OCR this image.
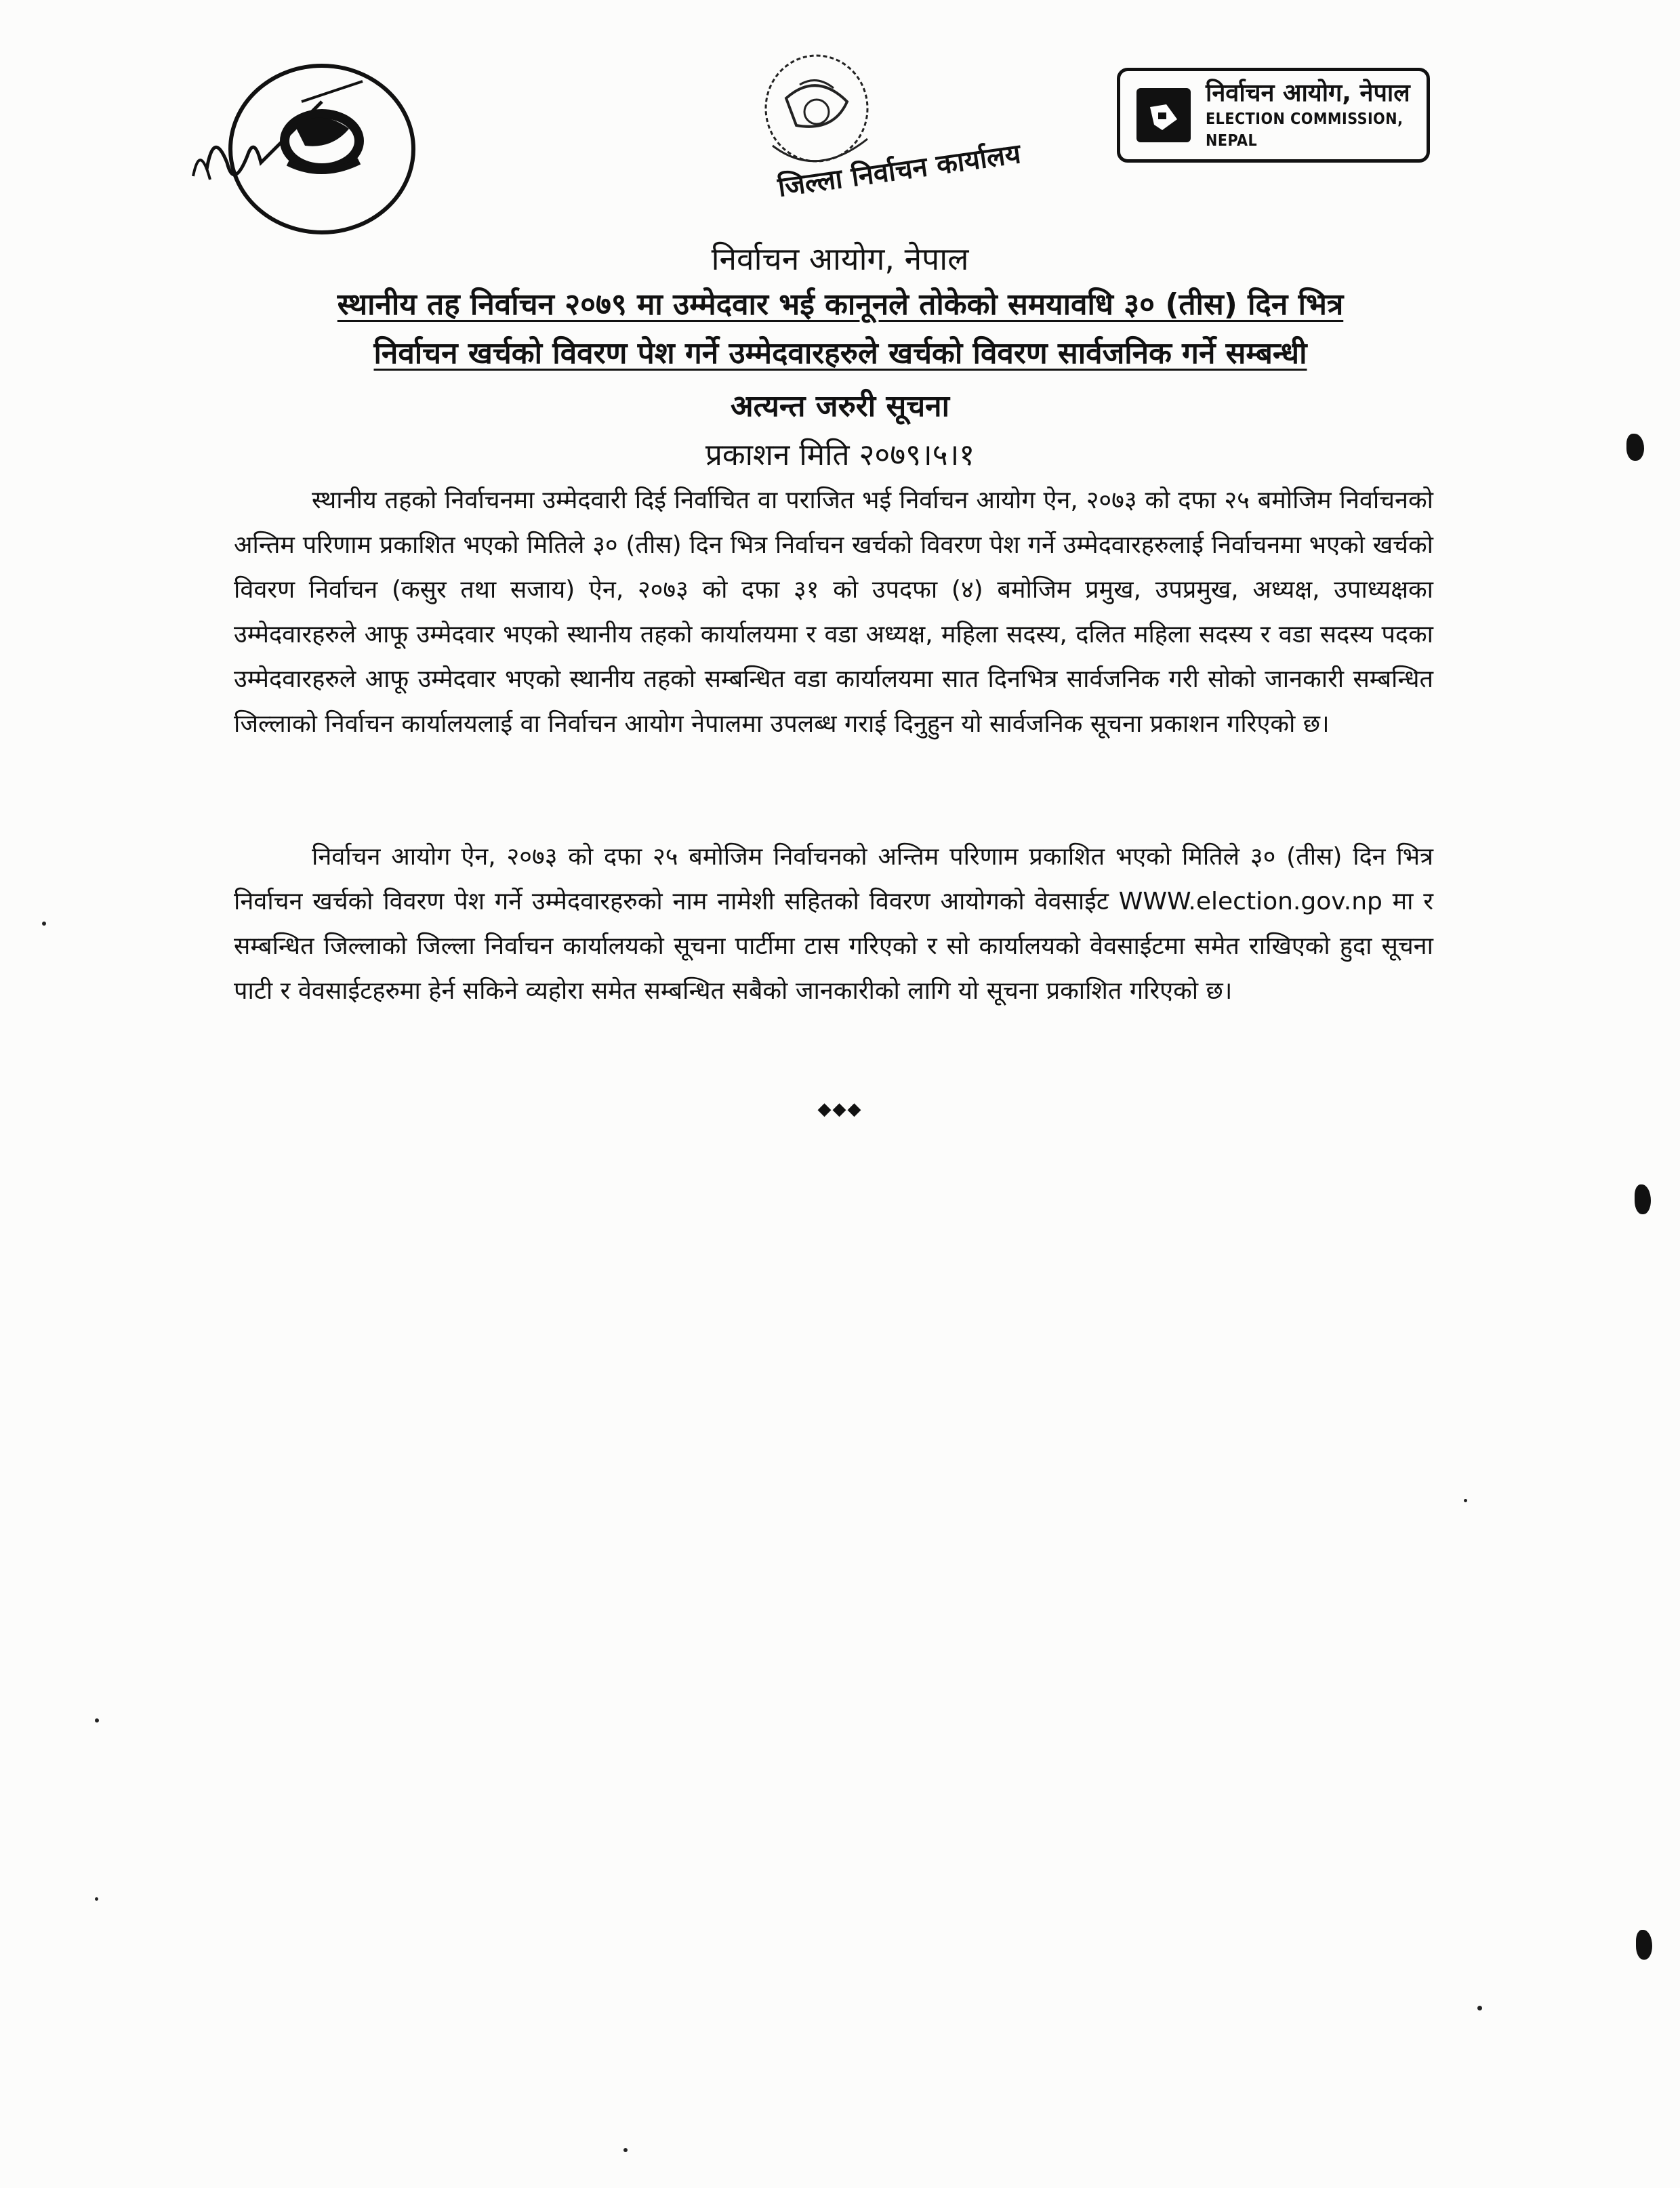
जिल्ला निर्वाचन कार्यालय
निर्वाचन आयोग, नेपाल
ELECTION COMMISSION, NEPAL
निर्वाचन आयोग, नेपाल
स्थानीय तह निर्वाचन २०७९ मा उम्मेदवार भई कानूनले तोकेको समयावधि ३० (तीस) दिन भित्र
निर्वाचन खर्चको विवरण पेश गर्ने उम्मेदवारहरुले खर्चको विवरण सार्वजनिक गर्ने सम्बन्धी
अत्यन्त जरुरी सूचना
प्रकाशन मिति २०७९।५।१

स्थानीय तहको निर्वाचनमा उम्मेदवारी दिई निर्वाचित वा पराजित भई निर्वाचन आयोग ऐन, २०७३ को दफा २५ बमोजिम निर्वाचनको अन्तिम परिणाम प्रकाशित भएको मितिले ३० (तीस) दिन भित्र निर्वाचन खर्चको विवरण पेश गर्ने उम्मेदवारहरुलाई निर्वाचनमा भएको खर्चको विवरण निर्वाचन (कसुर तथा सजाय) ऐन, २०७३ को दफा ३१ को उपदफा (४) बमोजिम प्रमुख, उपप्रमुख, अध्यक्ष, उपाध्यक्षका उम्मेदवारहरुले आफू उम्मेदवार भएको स्थानीय तहको कार्यालयमा र वडा अध्यक्ष, महिला सदस्य, दलित महिला सदस्य र वडा सदस्य पदका उम्मेदवारहरुले आफू उम्मेदवार भएको स्थानीय तहको सम्बन्धित वडा कार्यालयमा सात दिनभित्र सार्वजनिक गरी सोको जानकारी सम्बन्धित जिल्लाको निर्वाचन कार्यालयलाई वा निर्वाचन आयोग नेपालमा उपलब्ध गराई दिनुहुन यो सार्वजनिक सूचना प्रकाशन गरिएको छ।

निर्वाचन आयोग ऐन, २०७३ को दफा २५ बमोजिम निर्वाचनको अन्तिम परिणाम प्रकाशित भएको मितिले ३० (तीस) दिन भित्र निर्वाचन खर्चको विवरण पेश गर्ने उम्मेदवारहरुको नाम नामेशी सहितको विवरण आयोगको वेवसाईट WWW.election.gov.np मा र सम्बन्धित जिल्लाको जिल्ला निर्वाचन कार्यालयको सूचना पार्टीमा टास गरिएको र सो कार्यालयको वेवसाईटमा समेत राखिएको हुदा सूचना पाटी र वेवसाईटहरुमा हेर्न सकिने व्यहोरा समेत सम्बन्धित सबैको जानकारीको लागि यो सूचना प्रकाशित गरिएको छ।

◆◆◆
